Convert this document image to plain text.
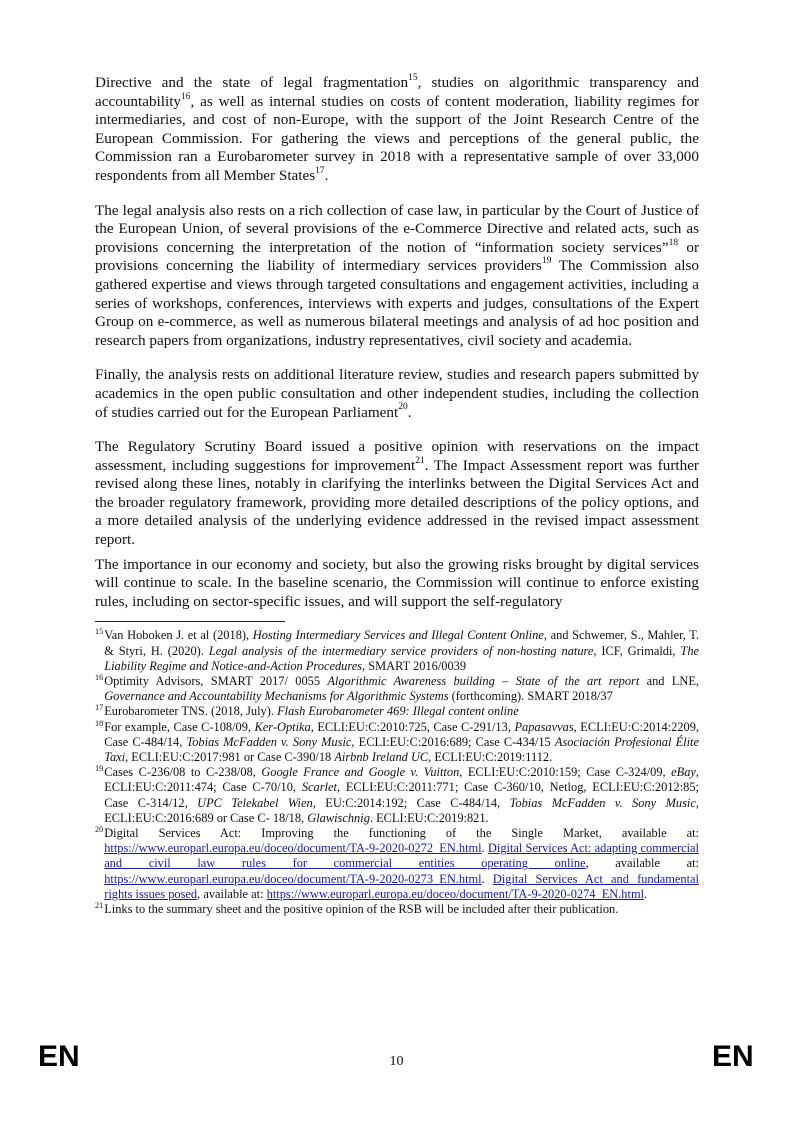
Directive and the state of legal fragmentation$^{15}$, studies on algorithmic transparency and accountability$^{16}$, as well as internal studies on costs of content moderation, liability regimes for intermediaries, and cost of non-Europe, with the support of the Joint Research Centre of the European Commission. For gathering the views and perceptions of the general public, the Commission ran a Eurobarometer survey in 2018 with a representative sample of over 33,000 respondents from all Member States$^{17}$.

The legal analysis also rests on a rich collection of case law, in particular by the Court of Justice of the European Union, of several provisions of the e-Commerce Directive and related acts, such as provisions concerning the interpretation of the notion of “information society services”$^{18}$ or provisions concerning the liability of intermediary services providers$^{19}$ The Commission also gathered expertise and views through targeted consultations and engagement activities, including a series of workshops, conferences, interviews with experts and judges, consultations of the Expert Group on e-commerce, as well as numerous bilateral meetings and analysis of ad hoc position and research papers from organizations, industry representatives, civil society and academia.

Finally, the analysis rests on additional literature review, studies and research papers submitted by academics in the open public consultation and other independent studies, including the collection of studies carried out for the European Parliament$^{20}$.

The Regulatory Scrutiny Board issued a positive opinion with reservations on the impact assessment, including suggestions for improvement$^{21}$. The Impact Assessment report was further revised along these lines, notably in clarifying the interlinks between the Digital Services Act and the broader regulatory framework, providing more detailed descriptions of the policy options, and a more detailed analysis of the underlying evidence addressed in the revised impact assessment report.

The importance in our economy and society, but also the growing risks brought by digital services will continue to scale. In the baseline scenario, the Commission will continue to enforce existing rules, including on sector-specific issues, and will support the self-regulatory

15 Van Hoboken J. et al (2018), Hosting Intermediary Services and Illegal Content Online, and Schwemer, S., Mahler, T. & Styri, H. (2020). Legal analysis of the intermediary service providers of non-hosting nature, ICF, Grimaldi, The Liability Regime and Notice-and-Action Procedures, SMART 2016/0039
16 Optimity Advisors, SMART 2017/ 0055 Algorithmic Awareness building – State of the art report and LNE, Governance and Accountability Mechanisms for Algorithmic Systems (forthcoming). SMART 2018/37
17 Eurobarometer TNS. (2018, July). Flash Eurobarometer 469: Illegal content online
18 For example, Case C-108/09, Ker-Optika, ECLI:EU:C:2010:725, Case C-291/13, Papasavvas, ECLI:EU:C:2014:2209, Case C-484/14, Tobias McFadden v. Sony Music, ECLI:EU:C:2016:689; Case C-434/15 Asociación Profesional Élite Taxi, ECLI:EU:C:2017:981 or Case C-390/18 Airbnb Ireland UC, ECLI:EU:C:2019:1112.
19 Cases C-236/08 to C-238/08, Google France and Google v. Vuitton, ECLI:EU:C:2010:159; Case C-324/09, eBay, ECLI:EU:C:2011:474; Case C-70/10, Scarlet, ECLI:EU:C:2011:771; Case C-360/10, Netlog, ECLI:EU:C:2012:85; Case C-314/12, UPC Telekabel Wien, EU:C:2014:192; Case C-484/14, Tobias McFadden v. Sony Music, ECLI:EU:C:2016:689 or Case C- 18/18, Glawischnig. ECLI:EU:C:2019:821.
20 Digital Services Act: Improving the functioning of the Single Market, available at: https://www.europarl.europa.eu/doceo/document/TA-9-2020-0272_EN.html. Digital Services Act: adapting commercial and civil law rules for commercial entities operating online, available at: https://www.europarl.europa.eu/doceo/document/TA-9-2020-0273_EN.html. Digital Services Act and fundamental rights issues posed, available at: https://www.europarl.europa.eu/doceo/document/TA-9-2020-0274_EN.html.
21 Links to the summary sheet and the positive opinion of the RSB will be included after their publication.
EN	10	EN
